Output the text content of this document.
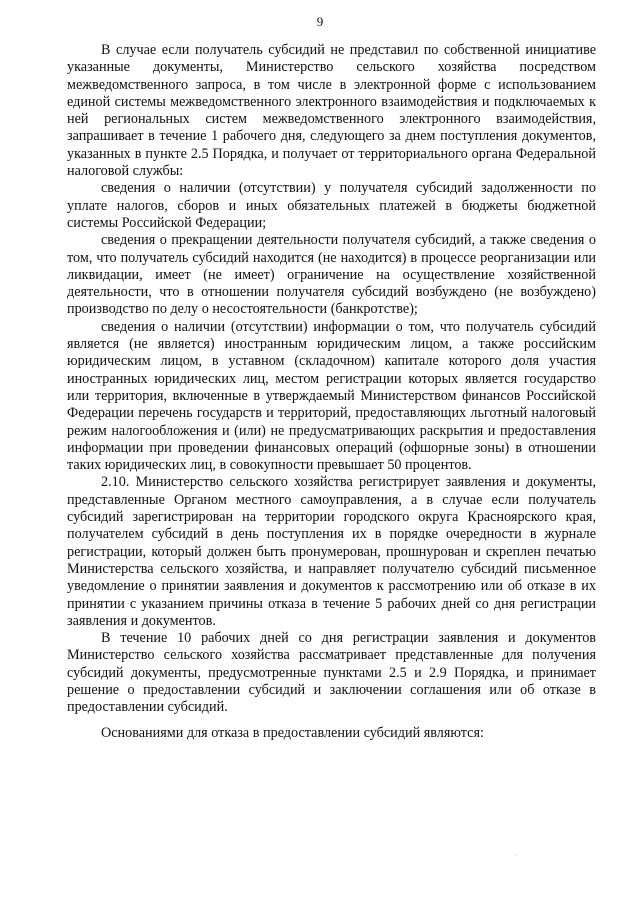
9

В случае если получатель субсидий не представил по собственной инициативе указанные документы, Министерство сельского хозяйства посредством межведомственного запроса, в том числе в электронной форме с использованием единой системы межведомственного электронного взаимодействия и подключаемых к ней региональных систем межведомственного электронного взаимодействия, запрашивает в течение 1 рабочего дня, следующего за днем поступления документов, указанных в пункте 2.5 Порядка, и получает от территориального органа Федеральной налоговой службы:

сведения о наличии (отсутствии) у получателя субсидий задолженности по уплате налогов, сборов и иных обязательных платежей в бюджеты бюджетной системы Российской Федерации;

сведения о прекращении деятельности получателя субсидий, а также сведения о том, что получатель субсидий находится (не находится) в процессе реорганизации или ликвидации, имеет (не имеет) ограничение на осуществление хозяйственной деятельности, что в отношении получателя субсидий возбуждено (не возбуждено) производство по делу о несостоятельности (банкротстве);

сведения о наличии (отсутствии) информации о том, что получатель субсидий является (не является) иностранным юридическим лицом, а также российским юридическим лицом, в уставном (складочном) капитале которого доля участия иностранных юридических лиц, местом регистрации которых является государство или территория, включенные в утверждаемый Министерством финансов Российской Федерации перечень государств и территорий, предоставляющих льготный налоговый режим налогообложения и (или) не предусматривающих раскрытия и предоставления информации при проведении финансовых операций (офшорные зоны) в отношении таких юридических лиц, в совокупности превышает 50 процентов.

2.10. Министерство сельского хозяйства регистрирует заявления и документы, представленные Органом местного самоуправления, а в случае если получатель субсидий зарегистрирован на территории городского округа Красноярского края, получателем субсидий в день поступления их в порядке очередности в журнале регистрации, который должен быть пронумерован, прошнурован и скреплен печатью Министерства сельского хозяйства, и направляет получателю субсидий письменное уведомление о принятии заявления и документов к рассмотрению или об отказе в их принятии с указанием причины отказа в течение 5 рабочих дней со дня регистрации заявления и документов.

В течение 10 рабочих дней со дня регистрации заявления и документов Министерство сельского хозяйства рассматривает представленные для получения субсидий документы, предусмотренные пунктами 2.5 и 2.9 Порядка, и принимает решение о предоставлении субсидий и заключении соглашения или об отказе в предоставлении субсидий.

Основаниями для отказа в предоставлении субсидий являются:

·
